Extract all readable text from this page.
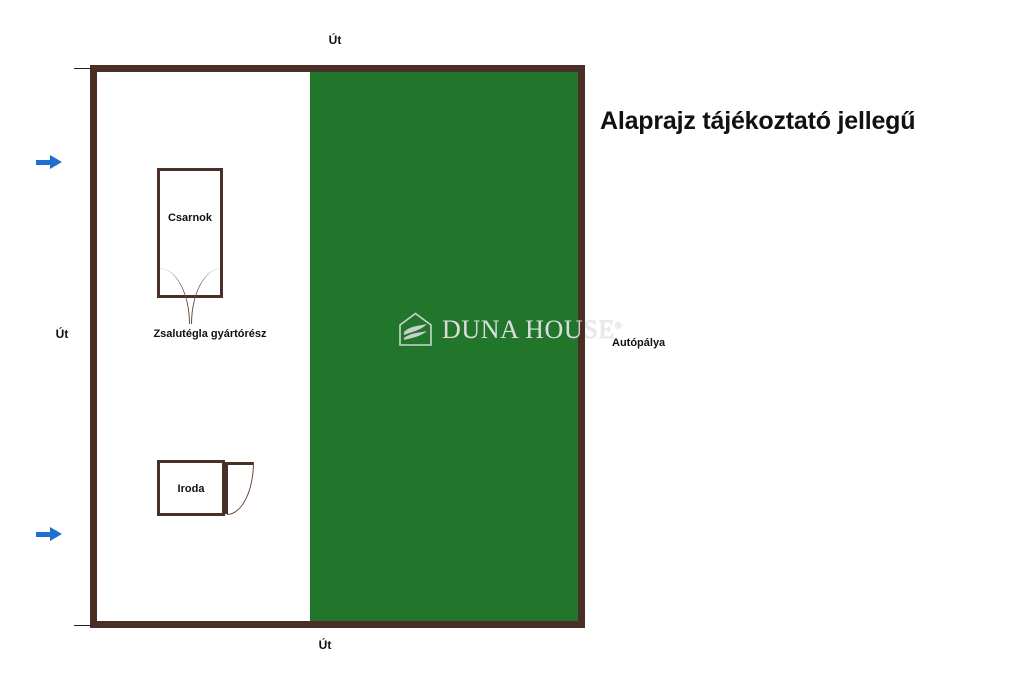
Csarnok
Iroda
Zsalutégla gyártórész
Út
Út
Út
Autópálya
Alaprajz tájékoztató jellegű
DUNA HOUSE®
